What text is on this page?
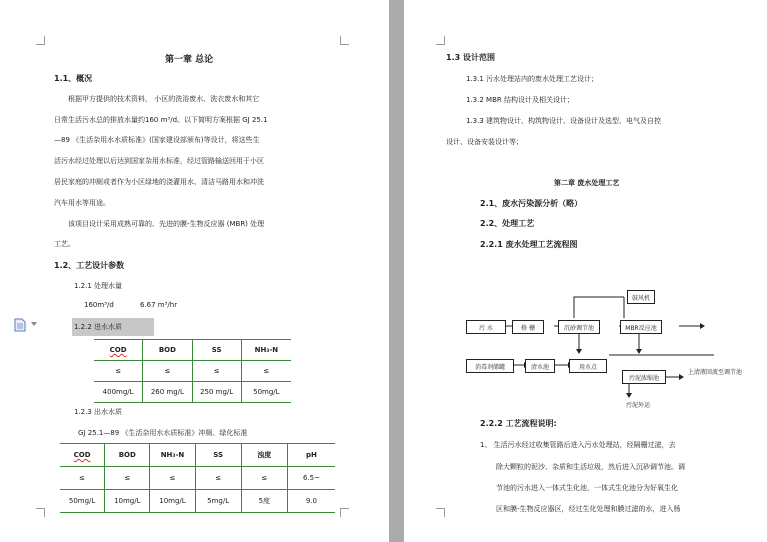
第一章 总论
1.1、概况
根据甲方提供的技术资料， 小区的洗浴废水、洗衣废水和其它
日常生活污水总的排放水量约160 m³/d。以下简明方案根据 GJ 25.1
—89 《生活杂用水水质标准》(国家建设部颁布)等设计，将这些生
活污水经过处理以后达到国家杂用水标准，经过管路输送回用于小区
居民家庭的冲厕或者作为小区绿地的浇灌用水、清洁马路用水和冲洗
汽车用水等用途。
该项目设计采用成熟可靠的、先进的膜-生物反应器 (MBR) 处理
工艺。
1.2、工艺设计参数
1.2.1 处理水量
160m³/d	6.67 m³/hr
1.2.2 进水水质
COD	BOD	SS	NH₃-N
≤	≤	≤	≤
400mg/L	260 mg/L	250 mg/L	50mg/L
1.2.3 出水水质
GJ 25.1—89 《生活杂用水水质标准》冲厕、绿化标准
COD	BOD	NH₃-N	SS	浊度	pH
≤	≤	≤	≤	≤	6.5~
50mg/L	10mg/L	10mg/L	5mg/L	5度	9.0
1.3 设计范围
1.3.1 污水处理站内的废水处理工艺设计；
1.3.2 MBR 结构设计及相关设计；
1.3.3 建筑物设计、构筑物设计、设备设计及选型、电气及自控
设计、设备安装设计等；
第二章 废水处理工艺
2.1、废水污染源分析（略）
2.2、处理工艺
2.2.1 废水处理工艺流程图
鼓风机
污 水	格 栅	沉砂调节池	MBR反应池
消毒剂储罐	清水池	用水点
污泥浓缩池
上清液回流至调节池
污泥外运
2.2.2 工艺流程说明:
1、 生活污水经过收集管路后进入污水处理站，经隔栅过滤，去
除大颗粒的泥沙、杂质和生活垃圾，然后进入沉砂调节池。调
节池的污水进入一体式生化池，一体式生化池分为好氧生化
区和膜-生物反应器区，经过生化处理和膜过滤的水，进入杨
